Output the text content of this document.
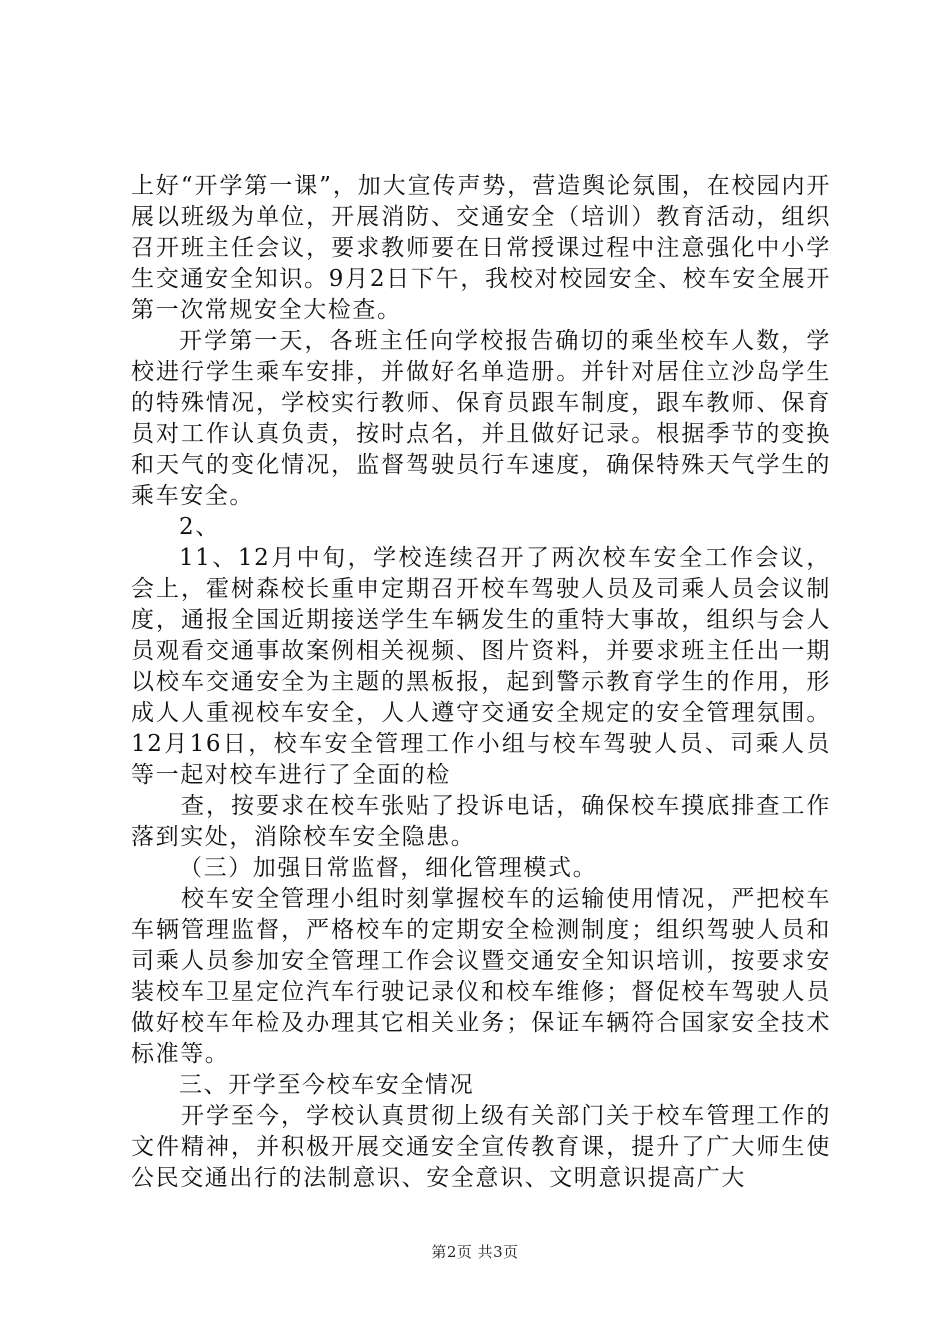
上好“开学第一课”，加大宣传声势，营造舆论氛围，在校园内开展以班级为单位，开展消防、交通安全（培训）教育活动，组织召开班主任会议，要求教师要在日常授课过程中注意强化中小学生交通安全知识。9月2日下午，我校对校园安全、校车安全展开第一次常规安全大检查。

开学第一天，各班主任向学校报告确切的乘坐校车人数，学校进行学生乘车安排，并做好名单造册。并针对居住立沙岛学生的特殊情况，学校实行教师、保育员跟车制度，跟车教师、保育员对工作认真负责，按时点名，并且做好记录。根据季节的变换和天气的变化情况，监督驾驶员行车速度，确保特殊天气学生的乘车安全。

2、

11、12月中旬，学校连续召开了两次校车安全工作会议，会上，霍树森校长重申定期召开校车驾驶人员及司乘人员会议制度，通报全国近期接送学生车辆发生的重特大事故，组织与会人员观看交通事故案例相关视频、图片资料，并要求班主任出一期以校车交通安全为主题的黑板报，起到警示教育学生的作用，形成人人重视校车安全，人人遵守交通安全规定的安全管理氛围。12月16日，校车安全管理工作小组与校车驾驶人员、司乘人员等一起对校车进行了全面的检

查，按要求在校车张贴了投诉电话，确保校车摸底排查工作落到实处，消除校车安全隐患。

（三）加强日常监督，细化管理模式。

校车安全管理小组时刻掌握校车的运输使用情况，严把校车车辆管理监督，严格校车的定期安全检测制度；组织驾驶人员和司乘人员参加安全管理工作会议暨交通安全知识培训，按要求安装校车卫星定位汽车行驶记录仪和校车维修；督促校车驾驶人员做好校车年检及办理其它相关业务；保证车辆符合国家安全技术标准等。

三、开学至今校车安全情况

开学至今，学校认真贯彻上级有关部门关于校车管理工作的文件精神，并积极开展交通安全宣传教育课，提升了广大师生使公民交通出行的法制意识、安全意识、文明意识提高广大

第2页 共3页
